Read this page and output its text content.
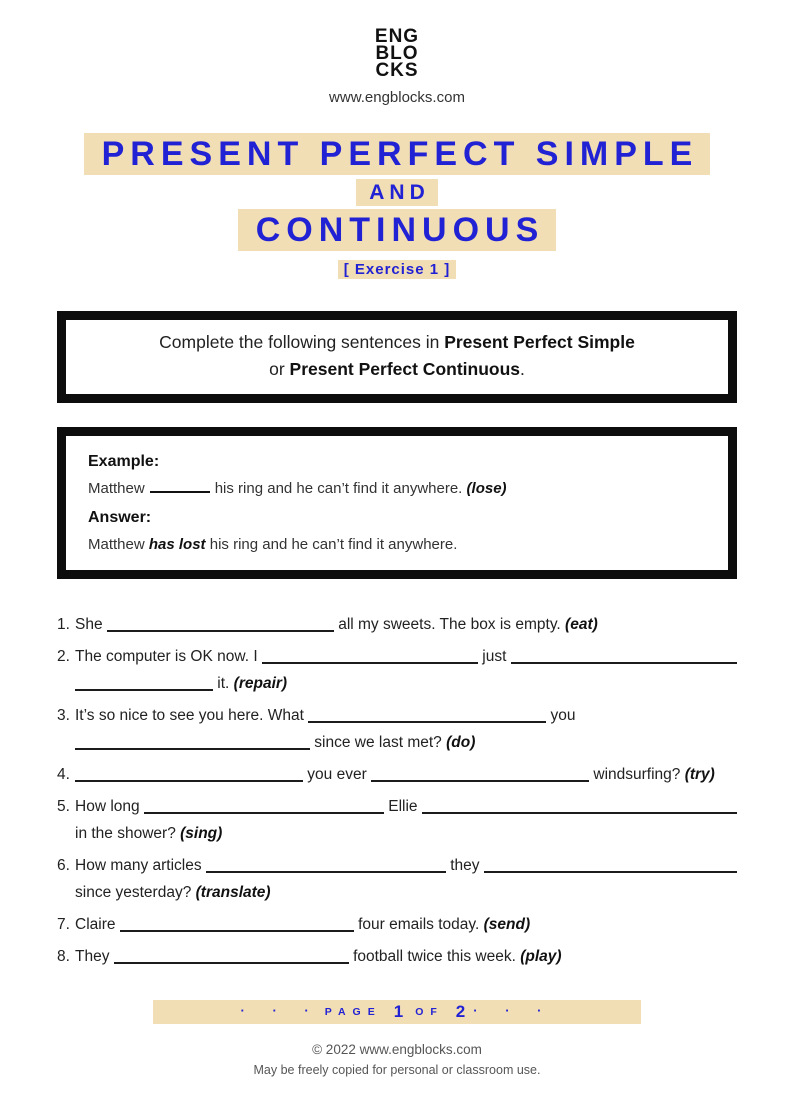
ENG
BLO
CKS
www.engblocks.com
PRESENT PERFECT SIMPLE
AND
CONTINUOUS
[ Exercise 1 ]
Complete the following sentences in Present Perfect Simple
or Present Perfect Continuous.
Example:
Matthew	his ring and he can’t find it anywhere. (lose)
Answer:
Matthew has lost his ring and he can’t find it anywhere.
1. She	all my sweets. The box is empty. (eat)
2. The computer is OK now. I	just
it. (repair)
3. It’s so nice to see you here. What	you
since we last met? (do)
4.	you ever	windsurfing? (try)
5. How long	Ellie
in the shower? (sing)
6. How many articles	they
since yesterday? (translate)
7. Claire	four emails today. (send)
8. They	football twice this week. (play)
· · · PAGE 1 OF 2 · · ·
© 2022 www.engblocks.com
May be freely copied for personal or classroom use.
